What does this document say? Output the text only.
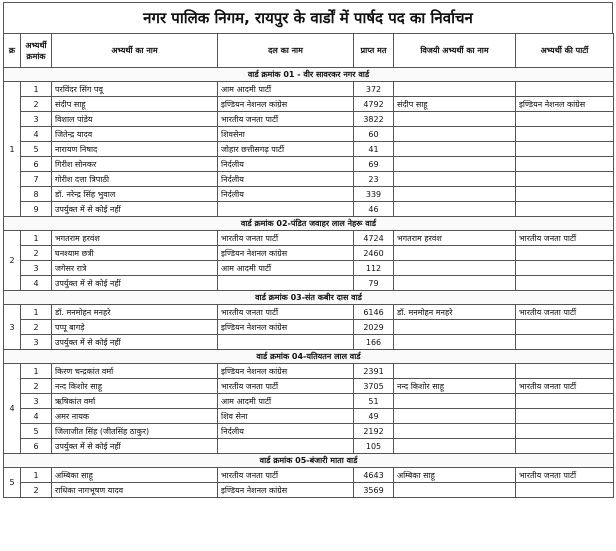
नगर पालिक निगम, रायपुर के वार्डों में पार्षद पद का निर्वाचन
क्र	अभ्यर्थी क्रमांक	अभ्यर्थी का नाम	दल का नाम	प्राप्त मत	विजयी अभ्यर्थी का नाम	अभ्यर्थी की पार्टी
वार्ड क्रमांक 01 - वीर सावरकर नगर वार्ड						
1	1	परविंदर सिंग पवू	आम आदमी पार्टी	372		
	2	संदीप साहू	इण्डियन नेशनल कांग्रेस	4792	संदीप साहू	इण्डियन नेशनल कांग्रेस
	3	विशाल पांडेय	भारतीय जनता पार्टी	3822		
	4	जितेन्द्र यादव	शिवसेना	60		
	5	नारायण निषाद	जोहार छत्तीसगढ़ पार्टी	41		
	6	गिरीश सोनकर	निर्दलीय	69		
	7	गोरीश दत्ता त्रिपाठी	निर्दलीय	23		
	8	डॉ. नरेन्द्र सिंह भुवाल	निर्दलीय	339		
	9	उपर्युक्त में से कोई नहीं		46		
वार्ड क्रमांक 02-पंडित जवाहर लाल नेहरू वार्ड						
2	1	भगतराम हरवंश	भारतीय जनता पार्टी	4724	भगतराम हरवंश	भारतीय जनता पार्टी
	2	घनश्याम छत्री	इण्डियन नेशनल कांग्रेस	2460		
	3	जगेसर रात्रे	आम आदमी पार्टी	112		
	4	उपर्युक्त में से कोई नहीं		79		
वार्ड क्रमांक 03-संत कबीर दास वार्ड						
3	1	डॉ. मनमोहन मनहरे	भारतीय जनता पार्टी	6146	डॉ. मनमोहन मनहरे	भारतीय जनता पार्टी
	2	पप्पू बागड़े	इण्डियन नेशनल कांग्रेस	2029		
	3	उपर्युक्त में से कोई नहीं		166		
वार्ड क्रमांक 04-यतियतन लाल वार्ड						
4	1	किरण चन्द्रकांत वर्मा	इण्डियन नेशनल कांग्रेस	2391		
	2	नन्द किशोर साहू	भारतीय जनता पार्टी	3705	नन्द किशोर साहू	भारतीय जनता पार्टी
	3	ऋषिकांत वर्मा	आम आदमी पार्टी	51		
	4	अमर नायक	शिव सेना	49		
	5	जिलाजीत सिंह (जीतसिंह ठाकुर)	निर्दलीय	2192		
	6	उपर्युक्त में से कोई नहीं		105		
वार्ड क्रमांक 05-बंजारी माता वार्ड						
5	1	अम्बिका साहू	भारतीय जनता पार्टी	4643	अम्बिका साहू	भारतीय जनता पार्टी
	2	राधिका नागभूषण यादव	इण्डियन नेशनल कांग्रेस	3569		
